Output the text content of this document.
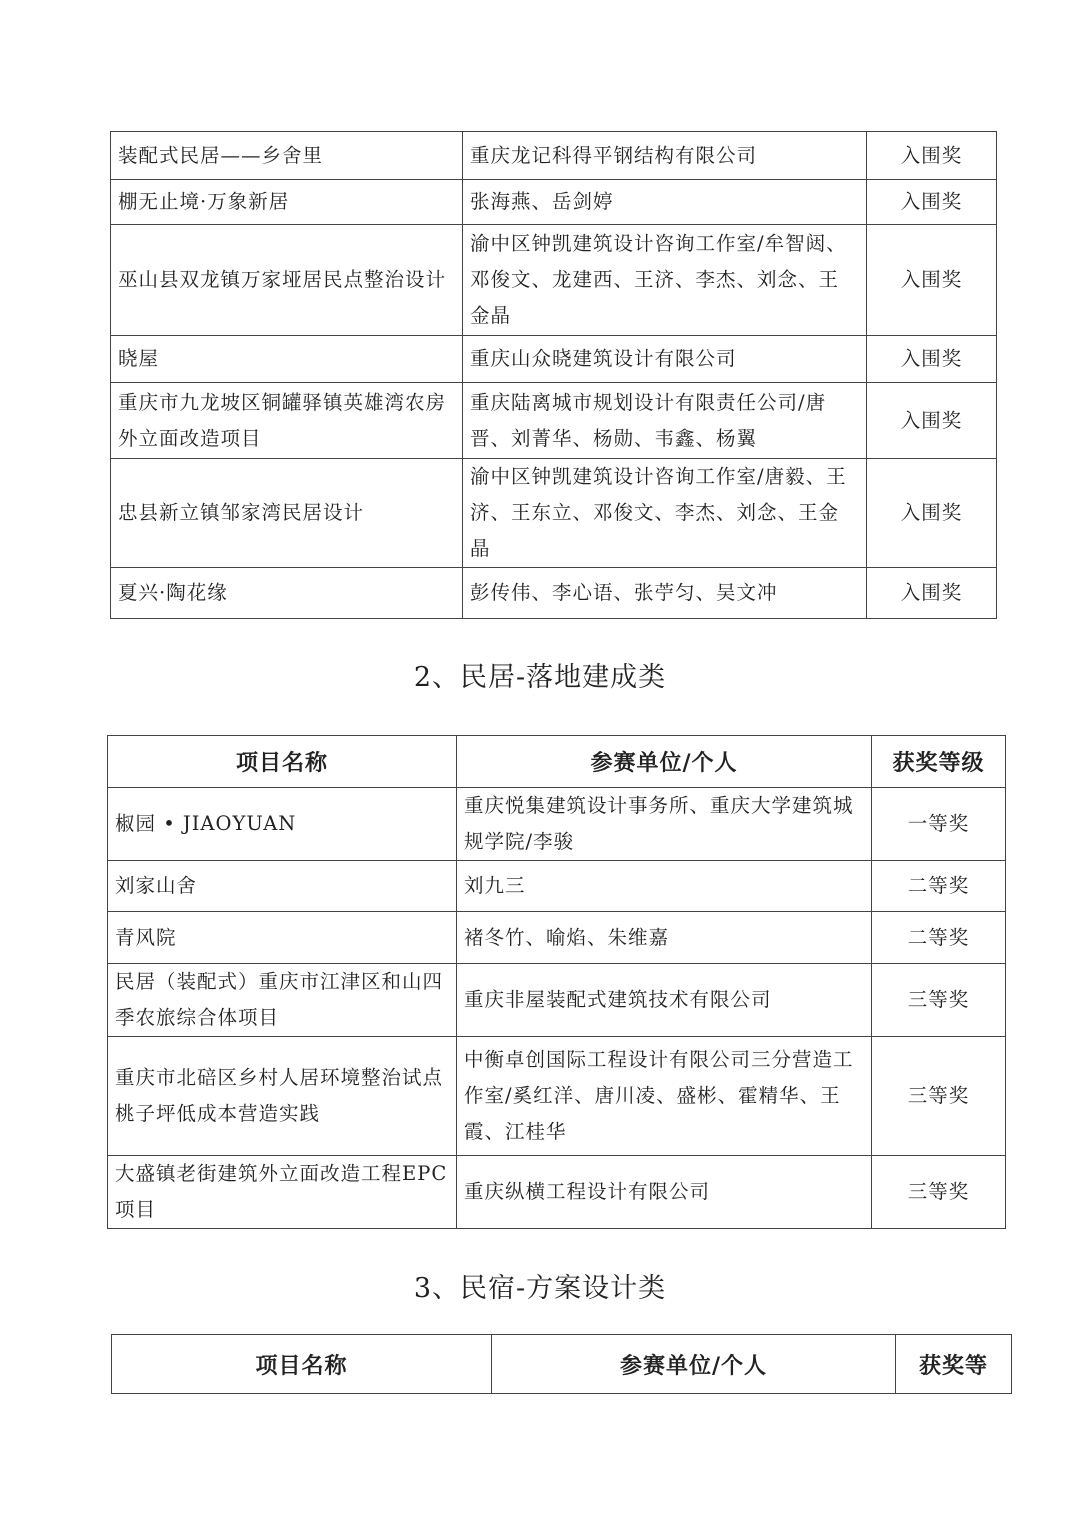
装配式民居——乡舍里	重庆龙记科得平钢结构有限公司	入围奖
棚无止境·万象新居	张海燕、岳剑婷	入围奖
巫山县双龙镇万家垭居民点整治设计	渝中区钟凯建筑设计咨询工作室/牟智闼、邓俊文、龙建西、王济、李杰、刘念、王金晶	入围奖
晓屋	重庆山众晓建筑设计有限公司	入围奖
重庆市九龙坡区铜罐驿镇英雄湾农房外立面改造项目	重庆陆离城市规划设计有限责任公司/唐晋、刘菁华、杨勋、韦鑫、杨翼	入围奖
忠县新立镇邹家湾民居设计	渝中区钟凯建筑设计咨询工作室/唐毅、王济、王东立、邓俊文、李杰、刘念、王金晶	入围奖
夏兴·陶花缘	彭传伟、李心语、张苧匀、吴文冲	入围奖
2、民居-落地建成类
项目名称	参赛单位/个人	获奖等级
椒园 • JIAOYUAN	重庆悦集建筑设计事务所、重庆大学建筑城规学院/李骏	一等奖
刘家山舍	刘九三	二等奖
青风院	褚冬竹、喻焰、朱维嘉	二等奖
民居（装配式）重庆市江津区和山四季农旅综合体项目	重庆非屋装配式建筑技术有限公司	三等奖
重庆市北碚区乡村人居环境整治试点桃子坪低成本营造实践	中衡卓创国际工程设计有限公司三分营造工作室/奚红洋、唐川凌、盛彬、霍精华、王霞、江桂华	三等奖
大盛镇老街建筑外立面改造工程EPC 项目	重庆纵横工程设计有限公司	三等奖
3、民宿-方案设计类
项目名称	参赛单位/个人	获奖等
